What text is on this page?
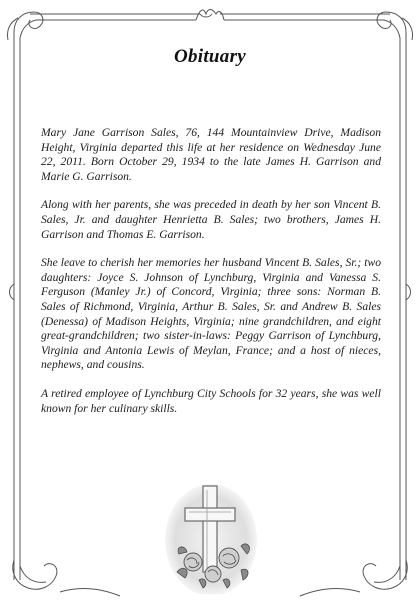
Obituary

Mary Jane Garrison Sales, 76, 144 Mountainview Drive, Madison Height, Virginia departed this life at her residence on Wednesday June 22, 2011. Born October 29, 1934 to the late James H. Garrison and Marie G. Garrison.

Along with her parents, she was preceded in death by her son Vincent B. Sales, Jr. and daughter Henrietta B. Sales; two brothers, James H. Garrison and Thomas E. Garrison.

She leave to cherish her memories her husband Vincent B. Sales, Sr.; two daughters: Joyce S. Johnson of Lynchburg, Virginia and Vanessa S. Ferguson (Manley Jr.) of Concord, Virginia; three sons: Norman B. Sales of Richmond, Virginia, Arthur B. Sales, Sr. and Andrew B. Sales (Denessa) of Madison Heights, Virginia; nine grandchildren, and eight great-grandchildren; two sister-in-laws: Peggy Garrison of Lynchburg, Virginia and Antonia Lewis of Meylan, France; and a host of nieces, nephews, and cousins.

A retired employee of Lynchburg City Schools for 32 years, she was well known for her culinary skills.
